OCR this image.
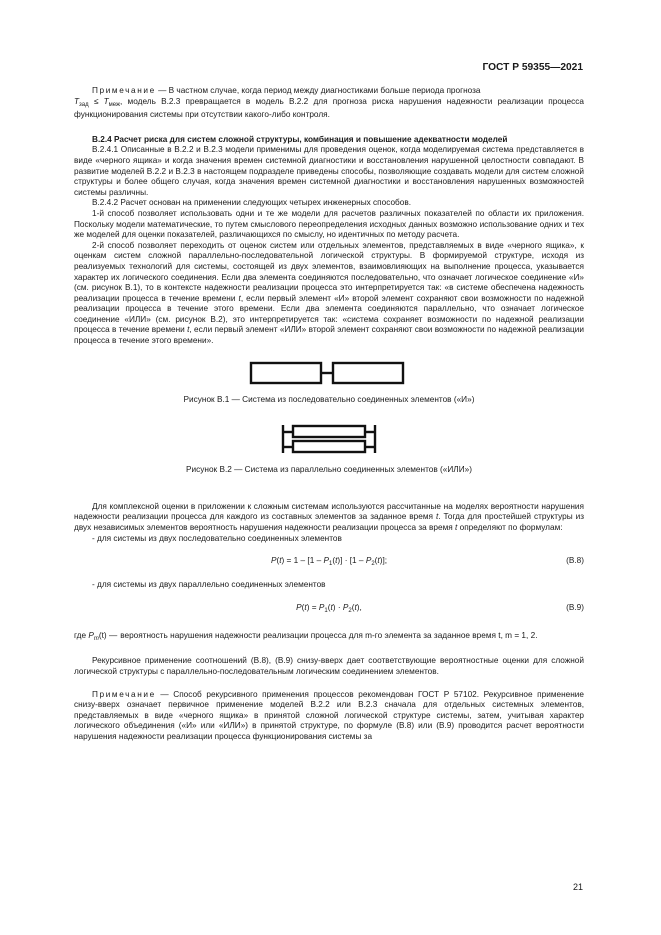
ГОСТ Р 59355—2021

Примечание — В частном случае, когда период между диагностиками больше периода прогноза

$T_{зад} \le T_{меж}$, модель В.2.3 превращается в модель В.2.2 для прогноза риска нарушения надежности реализации процесса функционирования системы при отсутствии какого-либо контроля.

В.2.4 Расчет риска для систем сложной структуры, комбинация и повышение адекватности моделей

В.2.4.1 Описанные в В.2.2 и В.2.3 модели применимы для проведения оценок, когда моделируемая система представляется в виде «черного ящика» и когда значения времен системной диагностики и восстановления нарушенной целостности совпадают. В развитие моделей В.2.2 и В.2.3 в настоящем подразделе приведены способы, позволяющие создавать модели для систем сложной структуры и более общего случая, когда значения времен системной диагностики и восстановления нарушенных возможностей системы различны.

В.2.4.2 Расчет основан на применении следующих четырех инженерных способов.

1-й способ позволяет использовать одни и те же модели для расчетов различных показателей по области их приложения. Поскольку модели математические, то путем смыслового переопределения исходных данных возможно использование одних и тех же моделей для оценки показателей, различающихся по смыслу, но идентичных по методу расчета.

2-й способ позволяет переходить от оценок систем или отдельных элементов, представляемых в виде «черного ящика», к оценкам систем сложной параллельно-последовательной логической структуры. В формируемой структуре, исходя из реализуемых технологий для системы, состоящей из двух элементов, взаимовлияющих на выполнение процесса, указывается характер их логического соединения. Если два элемента соединяются последовательно, что означает логическое соединение «И» (см. рисунок В.1), то в контексте надежности реализации процесса это интерпретируется так: «в системе обеспечена надежность реализации процесса в течение времени t, если первый элемент «И» второй элемент сохраняют свои возможности по надежной реализации процесса в течение этого времени. Если два элемента соединяются параллельно, что означает логическое соединение «ИЛИ» (см. рисунок В.2), это интерпретируется так: «система сохраняет возможности по надежной реализации процесса в течение времени t, если первый элемент «ИЛИ» второй элемент сохраняют свои возможности по надежной реализации процесса в течение этого времени».

Рисунок В.1 — Система из последовательно соединенных элементов («И»)

Рисунок В.2 — Система из параллельно соединенных элементов («ИЛИ»)

Для комплексной оценки в приложении к сложным системам используются рассчитанные на моделях вероятности нарушения надежности реализации процесса для каждого из составных элементов за заданное время t. Тогда для простейшей структуры из двух независимых элементов вероятность нарушения надежности реализации процесса за время t определяют по формулам:

- для системы из двух последовательно соединенных элементов

$P(t) = 1 - [1 - P_1(t)] \cdot [1 - P_2(t)]$;	(В.8)

- для системы из двух параллельно соединенных элементов

$P(t) = P_1(t) \cdot P_2(t)$,	(В.9)
где $P_m(t)$ — вероятность нарушения надежности реализации процесса для m-го элемента за заданное время t, m = 1, 2.

Рекурсивное применение соотношений (В.8), (В.9) снизу-вверх дает соответствующие вероятностные оценки для сложной логической структуры с параллельно-последовательным логическим соединением элементов.

Примечание — Способ рекурсивного применения процессов рекомендован ГОСТ Р 57102. Рекурсивное применение снизу-вверх означает первичное применение моделей В.2.2 или В.2.3 сначала для отдельных системных элементов, представляемых в виде «черного ящика» в принятой сложной логической структуре системы, затем, учитывая характер логического объединения («И» или «ИЛИ») в принятой структуре, по формуле (В.8) или (В.9) проводится расчет вероятности нарушения надежности реализации процесса функционирования системы за

21
